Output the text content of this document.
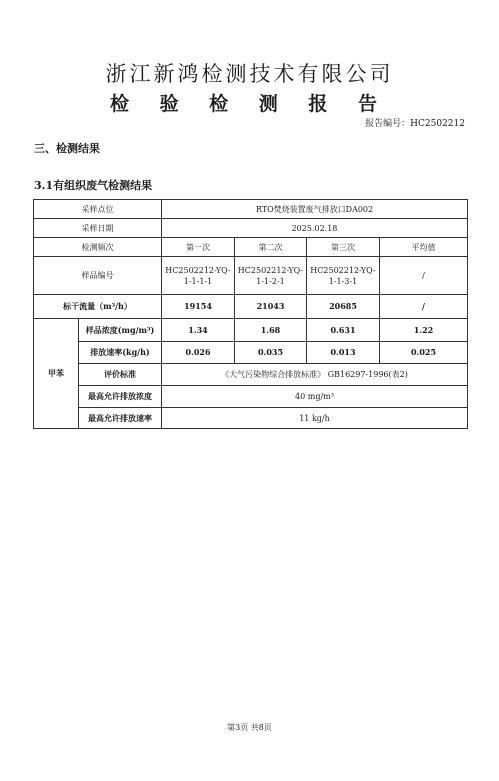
浙江新鸿检测技术有限公司
检 验 检 测 报 告
报告编号：HC2502212
三、检测结果
3.1有组织废气检测结果
采样点位		RTO焚烧装置废气排放口DA002			
采样日期		2025.02.18			
检测频次		第一次	第二次	第三次	平均值
样品编号		HC2502212-YQ-1-1-1-1	HC2502212-YQ-1-1-2-1	HC2502212-YQ-1-1-3-1	/
标干流量（m³/h）		19154	21043	20685	/
甲苯	样品浓度(mg/m³)	1.34	1.68	0.631	1.22
	排放速率(kg/h)	0.026	0.035	0.013	0.025
	评价标准	《大气污染物综合排放标准》 GB16297-1996(表2)			
	最高允许排放浓度	40 mg/m³			
	最高允许排放速率	11 kg/h			
第3页 共8页
